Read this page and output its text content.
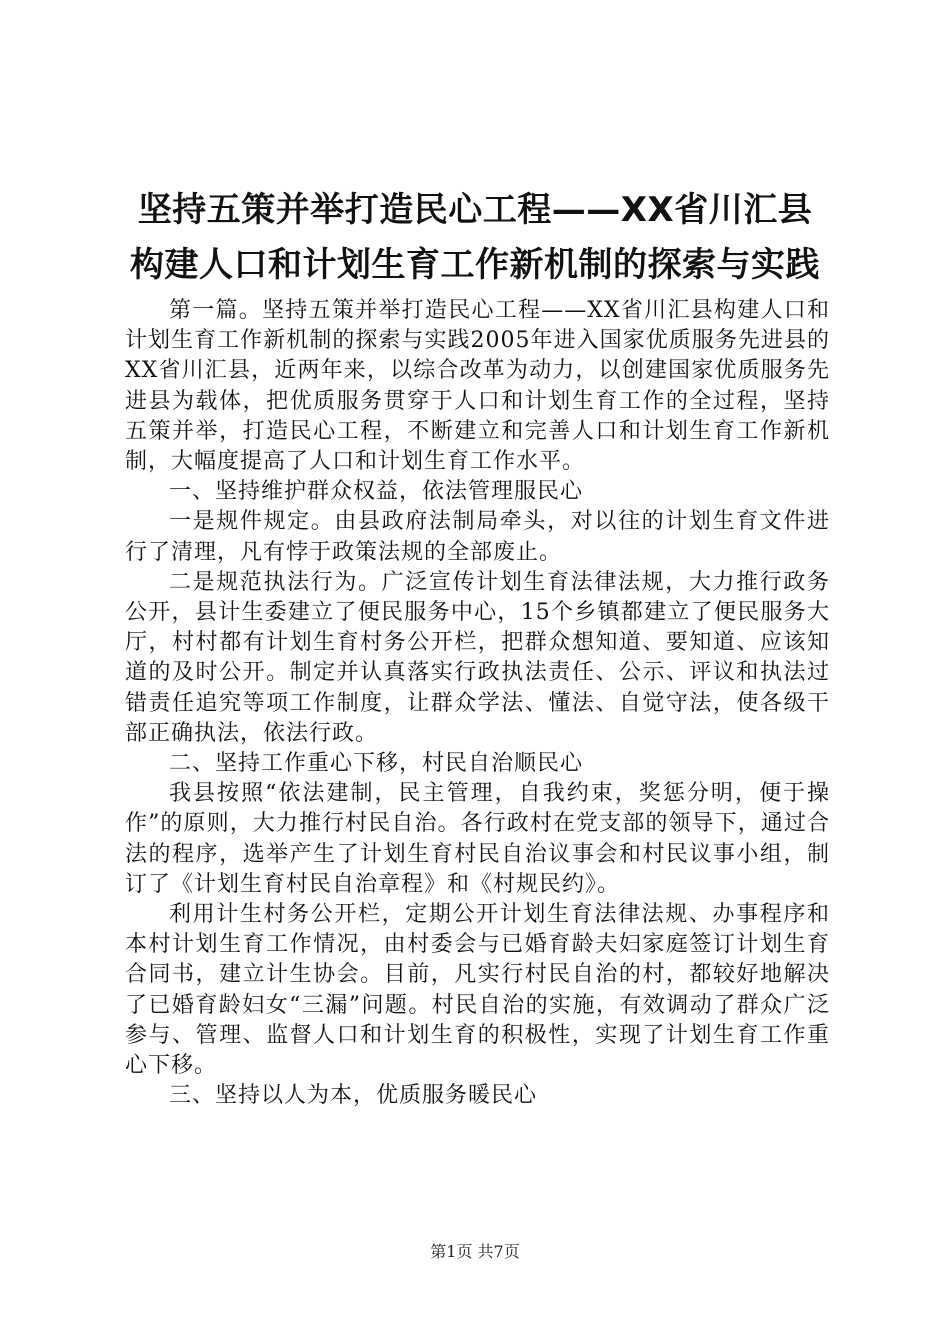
坚持五策并举打造民心工程——XX省川汇县
构建人口和计划生育工作新机制的探索与实践

第一篇。坚持五策并举打造民心工程——XX省川汇县构建人口和计划生育工作新机制的探索与实践2005年进入国家优质服务先进县的XX省川汇县，近两年来，以综合改革为动力，以创建国家优质服务先进县为载体，把优质服务贯穿于人口和计划生育工作的全过程，坚持五策并举，打造民心工程，不断建立和完善人口和计划生育工作新机制，大幅度提高了人口和计划生育工作水平。

一、坚持维护群众权益，依法管理服民心

一是规件规定。由县政府法制局牵头，对以往的计划生育文件进行了清理，凡有悖于政策法规的全部废止。

二是规范执法行为。广泛宣传计划生育法律法规，大力推行政务公开，县计生委建立了便民服务中心，15个乡镇都建立了便民服务大厅，村村都有计划生育村务公开栏，把群众想知道、要知道、应该知道的及时公开。制定并认真落实行政执法责任、公示、评议和执法过错责任追究等项工作制度，让群众学法、懂法、自觉守法，使各级干部正确执法，依法行政。

二、坚持工作重心下移，村民自治顺民心

我县按照“依法建制，民主管理，自我约束，奖惩分明，便于操作”的原则，大力推行村民自治。各行政村在党支部的领导下，通过合法的程序，选举产生了计划生育村民自治议事会和村民议事小组，制订了《计划生育村民自治章程》和《村规民约》。

利用计生村务公开栏，定期公开计划生育法律法规、办事程序和本村计划生育工作情况，由村委会与已婚育龄夫妇家庭签订计划生育合同书，建立计生协会。目前，凡实行村民自治的村，都较好地解决了已婚育龄妇女“三漏”问题。村民自治的实施，有效调动了群众广泛参与、管理、监督人口和计划生育的积极性，实现了计划生育工作重心下移。

三、坚持以人为本，优质服务暖民心

第1页 共7页
